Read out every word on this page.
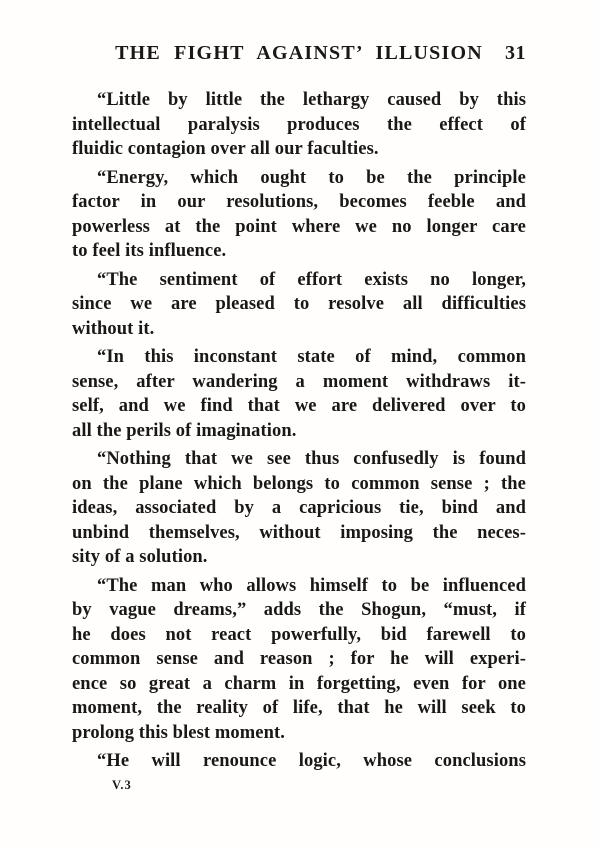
THE FIGHT AGAINST’ ILLUSION 31
“Little by little the lethargy caused by this
intellectual paralysis produces the effect of
fluidic contagion over all our faculties.
“Energy, which ought to be the principle
factor in our resolutions, becomes feeble and
powerless at the point where we no longer care
to feel its influence.
“The sentiment of effort exists no longer,
since we are pleased to resolve all difficulties
without it.
“In this inconstant state of mind, common
sense, after wandering a moment withdraws it-
self, and we find that we are delivered over to
all the perils of imagination.
“Nothing that we see thus confusedly is found
on the plane which belongs to common sense ; the
ideas, associated by a capricious tie, bind and
unbind themselves, without imposing the neces-
sity of a solution.
“The man who allows himself to be influenced
by vague dreams,” adds the Shogun, “must, if
he does not react powerfully, bid farewell to
common sense and reason ; for he will experi-
ence so great a charm in forgetting, even for one
moment, the reality of life, that he will seek to
prolong this blest moment.
“He will renounce logic, whose conclusions
V.3
